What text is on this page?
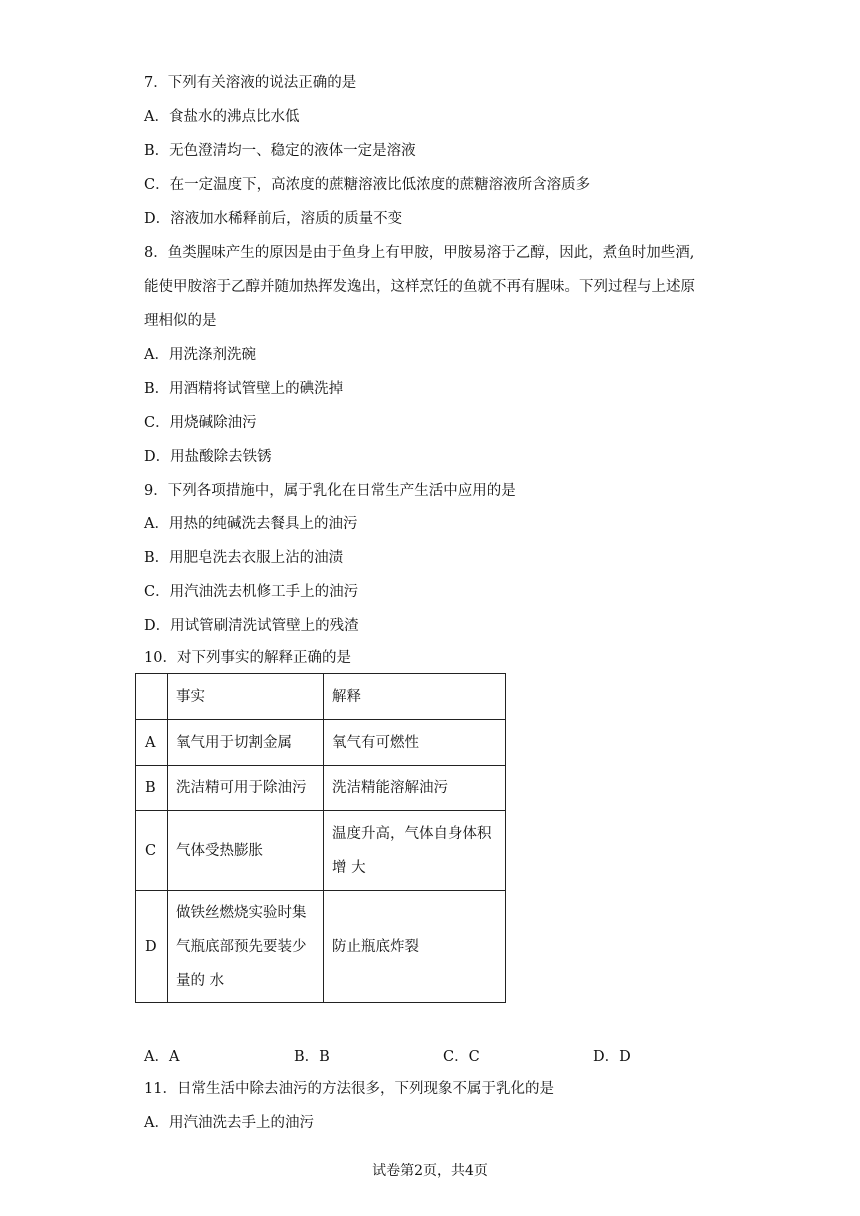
7．下列有关溶液的说法正确的是
A．食盐水的沸点比水低
B．无色澄清均一、稳定的液体一定是溶液
C．在一定温度下，高浓度的蔗糖溶液比低浓度的蔗糖溶液所含溶质多
D．溶液加水稀释前后，溶质的质量不变
8．鱼类腥味产生的原因是由于鱼身上有甲胺，甲胺易溶于乙醇，因此，煮鱼时加些酒,
能使甲胺溶于乙醇并随加热挥发逸出，这样烹饪的鱼就不再有腥味。下列过程与上述原
理相似的是
A．用洗涤剂洗碗
B．用酒精将试管壁上的碘洗掉
C．用烧碱除油污
D．用盐酸除去铁锈
9．下列各项措施中，属于乳化在日常生产生活中应用的是
A．用热的纯碱洗去餐具上的油污
B．用肥皂洗去衣服上沾的油渍
C．用汽油洗去机修工手上的油污
D．用试管刷清洗试管壁上的残渣
10．对下列事实的解释正确的是
	事实	解释
A	氧气用于切割金属	氧气有可燃性
B	洗洁精可用于除油污	洗洁精能溶解油污
C	气体受热膨胀	温度升高，气体自身体积
增 大

D	做铁丝燃烧实验时集
气瓶底部预先要装少
量的 水	防止瓶底炸裂
A．A	B．B	C．C	D．D
11．日常生活中除去油污的方法很多，下列现象不属于乳化的是
A．用汽油洗去手上的油污
试卷第2页，共4页
